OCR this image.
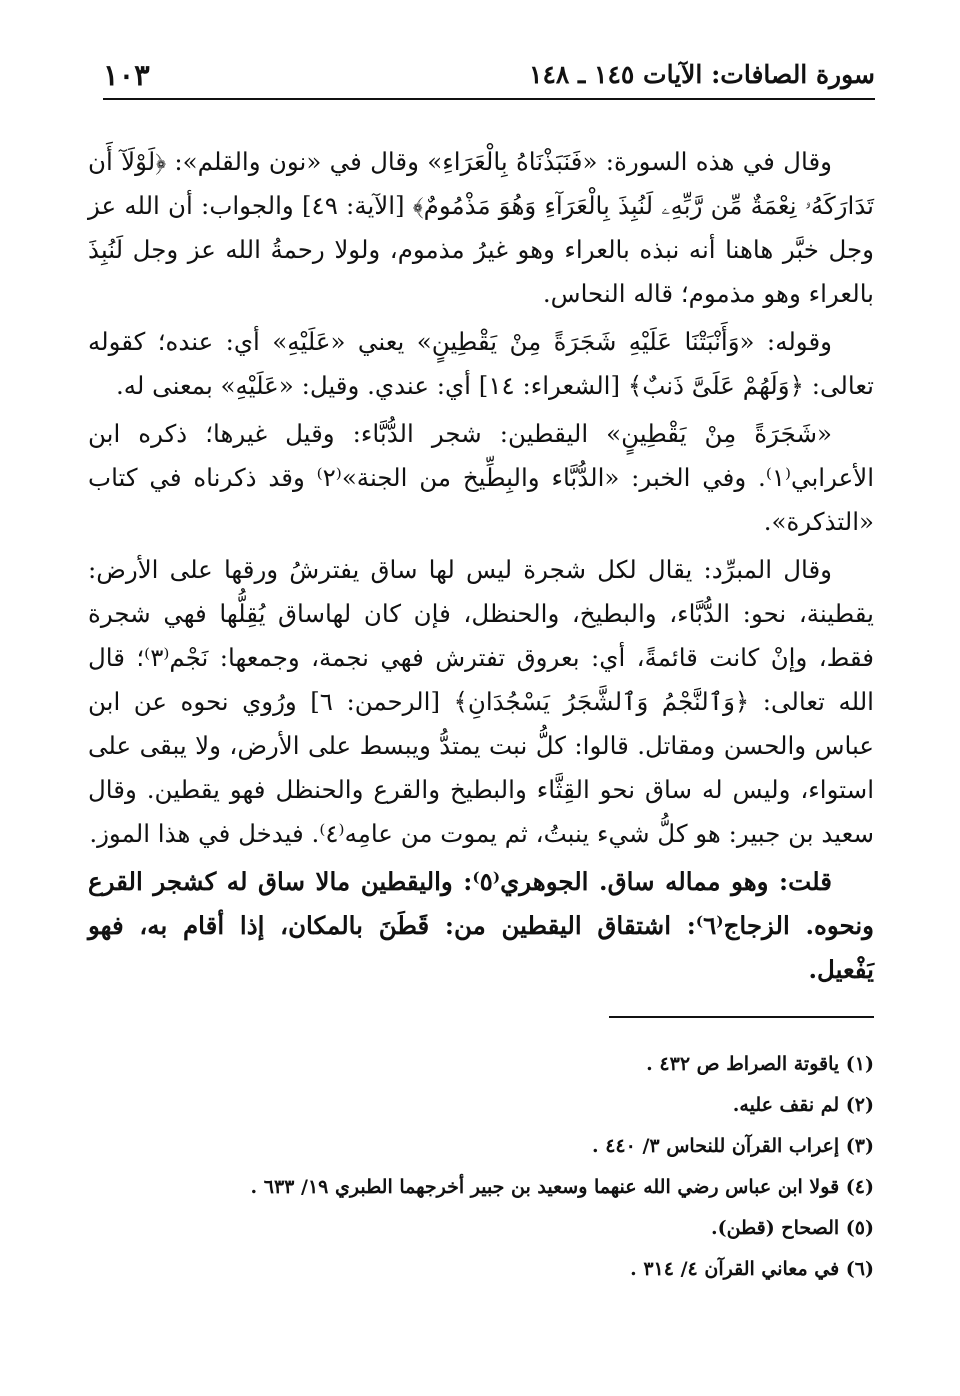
سورة الصافات: الآيات ١٤٥ ـ ١٤٨
١٠٣

وقال في هذه السورة: «فَنَبَذْنَاهُ بِالْعَرَاءِ» وقال في «نون والقلم»: ﴿لَوْلَآ أَن تَدَارَكَهُۥ نِعْمَةٌ مِّن رَّبِّهِۦ لَنُبِذَ بِالْعَرَآءِ وَهُوَ مَذْمُومٌ﴾ [الآية: ٤٩] والجواب: أن الله عز وجل خبَّر هاهنا أنه نبذه بالعراء وهو غيرُ مذموم، ولولا رحمةُ الله عز وجل لَنُبِذَ بالعراء وهو مذموم؛ قاله النحاس.

وقوله: «وَأَنْبَتْنَا عَلَيْهِ شَجَرَةً مِنْ يَقْطِينٍ» يعني «عَلَيْهِ» أي: عنده؛ كقوله تعالى: ﴿وَلَهُمْ عَلَىَّ ذَنبٌ﴾ [الشعراء: ١٤] أي: عندي. وقيل: «عَلَيْهِ» بمعنى له.

«شَجَرَةً مِنْ يَقْطِينٍ» اليقطين: شجر الدُّبَّاء: وقيل غيرها؛ ذكره ابن الأعرابي⁽١⁾. وفي الخبر: «الدُّبَّاء والبِطِّيخ من الجنة»⁽٢⁾ وقد ذكرناه في كتاب «التذكرة».

وقال المبرِّد: يقال لكل شجرة ليس لها ساق يفترشُ ورقها على الأرض: يقطينة، نحو: الدُّبَّاء، والبطيخ، والحنظل، فإن كان لهاساق يُقِلُّها فهي شجرة فقط، وإنْ كانت قائمةً، أي: بعروق تفترش فهي نجمة، وجمعها: نَجْم⁽٣⁾؛ قال الله تعالى: ﴿وَٱلنَّجْمُ وَٱلشَّجَرُ يَسْجُدَانِ﴾ [الرحمن: ٦] ورُوي نحوه عن ابن عباس والحسن ومقاتل. قالوا: كلُّ نبت يمتدُّ ويبسط على الأرض، ولا يبقى على استواء، وليس له ساق نحو القِثَّاء والبطيخ والقرع والحنظل فهو يقطين. وقال سعيد بن جبير: هو كلُّ شيء ينبتُ، ثم يموت من عامِه⁽٤⁾. فيدخل في هذا الموز.

قلت: وهو مماله ساق. الجوهري⁽٥⁾: واليقطين مالا ساق له كشجر القرع ونحوه. الزجاج⁽٦⁾: اشتقاق اليقطين من: قَطَنَ بالمكان، إذا أقام به، فهو يَفْعيل.

(١) ياقوتة الصراط ص ٤٣٢ .

(٢) لم نقف عليه.

(٣) إعراب القرآن للنحاس ٣/ ٤٤٠ .

(٤) قولا ابن عباس رضي الله عنهما وسعيد بن جبير أخرجهما الطبري ١٩/ ٦٣٣ .

(٥) الصحاح (قطن).

(٦) في معاني القرآن ٤/ ٣١٤ .
